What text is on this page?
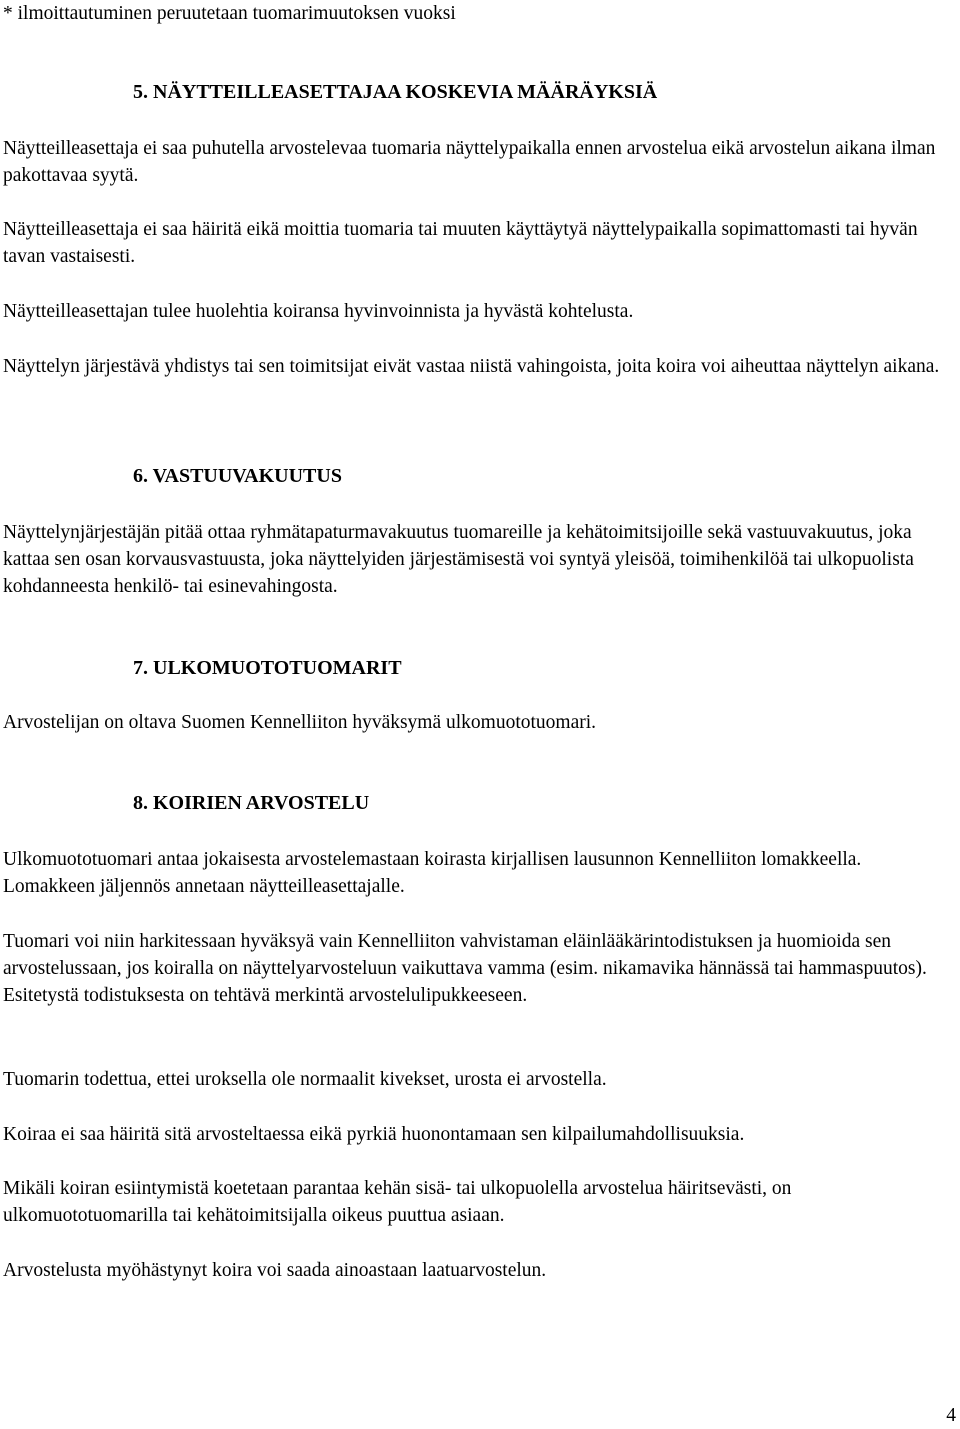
* ilmoittautuminen peruutetaan tuomarimuutoksen vuoksi

5. NÄYTTEILLEASETTAJAA KOSKEVIA MÄÄRÄYKSIÄ

Näytteilleasettaja ei saa puhutella arvostelevaa tuomaria näyttelypaikalla ennen arvostelua eikä arvostelun aikana ilman pakottavaa syytä.

Näytteilleasettaja ei saa häiritä eikä moittia tuomaria tai muuten käyttäytyä näyttelypaikalla sopimattomasti tai hyvän tavan vastaisesti.

Näytteilleasettajan tulee huolehtia koiransa hyvinvoinnista ja hyvästä kohtelusta.

Näyttelyn järjestävä yhdistys tai sen toimitsijat eivät vastaa niistä vahingoista, joita koira voi aiheuttaa näyttelyn aikana.

6. VASTUUVAKUUTUS

Näyttelynjärjestäjän pitää ottaa ryhmätapaturmavakuutus tuomareille ja kehätoimitsijoille sekä vastuuvakuutus, joka kattaa sen osan korvausvastuusta, joka näyttelyiden järjestämisestä voi syntyä yleisöä, toimihenkilöä tai ulkopuolista kohdanneesta henkilö- tai esinevahingosta.

7. ULKOMUOTOTUOMARIT

Arvostelijan on oltava Suomen Kennelliiton hyväksymä ulkomuototuomari.

8. KOIRIEN ARVOSTELU

Ulkomuototuomari antaa jokaisesta arvostelemastaan koirasta kirjallisen lausunnon Kennelliiton lomakkeella. Lomakkeen jäljennös annetaan näytteilleasettajalle.

Tuomari voi niin harkitessaan hyväksyä vain Kennelliiton vahvistaman eläinlääkärintodistuksen ja huomioida sen arvostelussaan, jos koiralla on näyttelyarvosteluun vaikuttava vamma (esim. nikamavika hännässä tai hammaspuutos). Esitetystä todistuksesta on tehtävä merkintä arvostelulipukkeeseen.

Tuomarin todettua, ettei uroksella ole normaalit kivekset, urosta ei arvostella.

Koiraa ei saa häiritä sitä arvosteltaessa eikä pyrkiä huonontamaan sen kilpailumahdollisuuksia.

Mikäli koiran esiintymistä koetetaan parantaa kehän sisä- tai ulkopuolella arvostelua häiritsevästi, on ulkomuototuomarilla tai kehätoimitsijalla oikeus puuttua asiaan.

Arvostelusta myöhästynyt koira voi saada ainoastaan laatuarvostelun.

4
